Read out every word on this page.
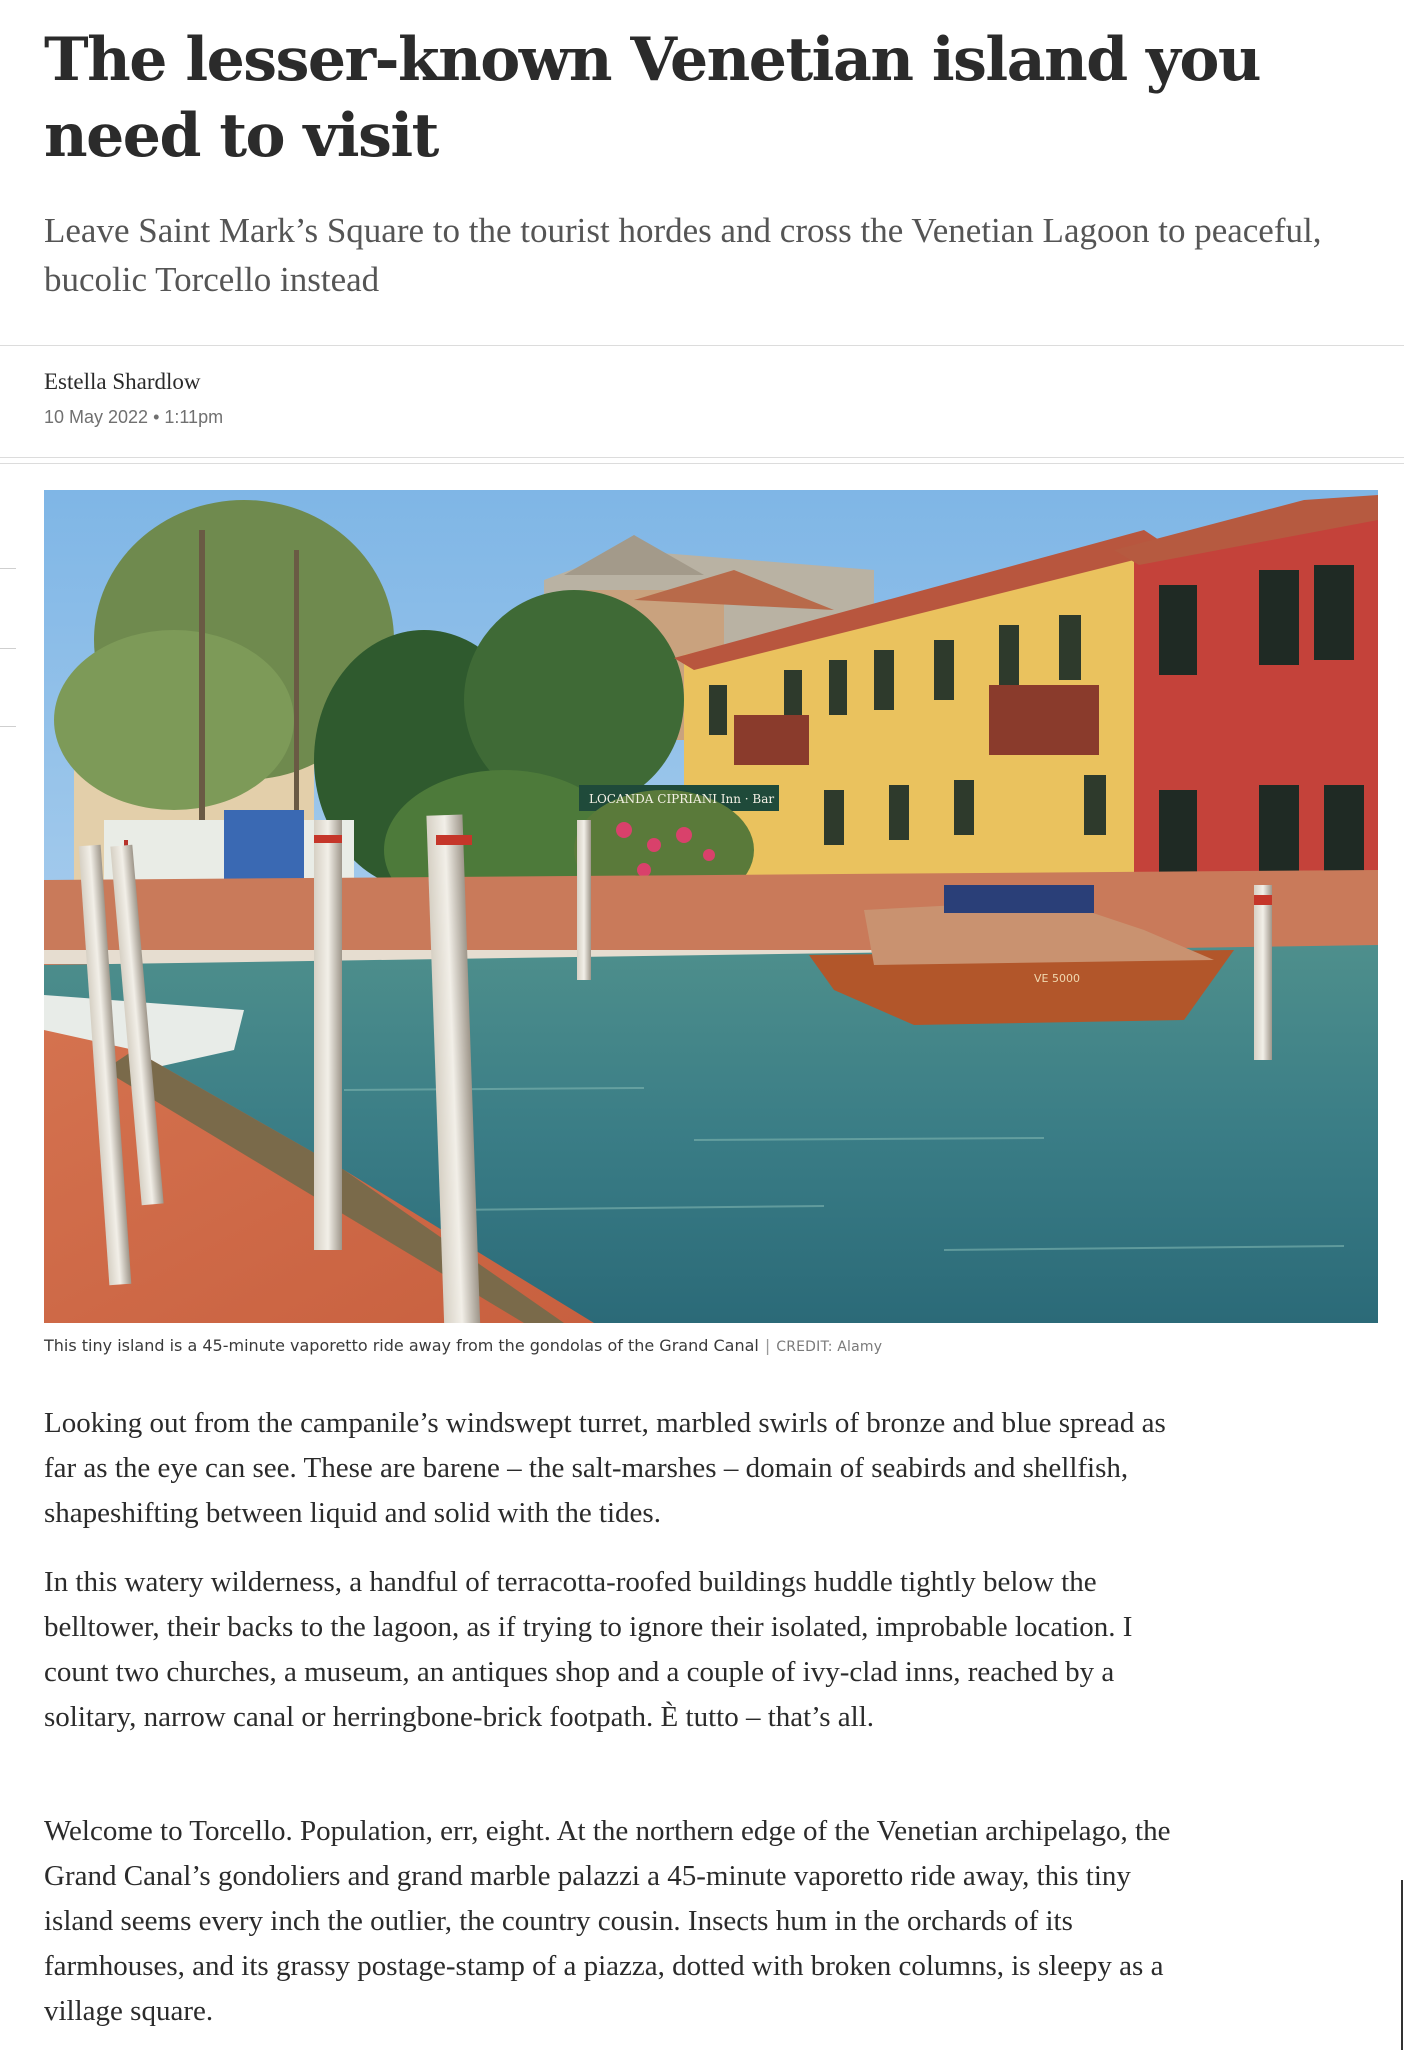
The lesser-known Venetian island you need to visit

Leave Saint Mark’s Square to the tourist hordes and cross the Venetian Lagoon to peaceful, bucolic Torcello instead

Estella Shardlow

10 May 2022 • 1:11pm

LOCANDA CIPRIANI Inn · Bar
VE 5000

This tiny island is a 45-minute vaporetto ride away from the gondolas of the Grand Canal | CREDIT: Alamy

Looking out from the campanile’s windswept turret, marbled swirls of bronze and blue spread as far as the eye can see. These are barene – the salt-marshes – domain of seabirds and shellfish, shapeshifting between liquid and solid with the tides.

In this watery wilderness, a handful of terracotta-roofed buildings huddle tightly below the belltower, their backs to the lagoon, as if trying to ignore their isolated, improbable location. I count two churches, a museum, an antiques shop and a couple of ivy-clad inns, reached by a solitary, narrow canal or herringbone-brick footpath. È tutto – that’s all.

Welcome to Torcello. Population, err, eight. At the northern edge of the Venetian archipelago, the Grand Canal’s gondoliers and grand marble palazzi a 45-minute vaporetto ride away, this tiny island seems every inch the outlier, the country cousin. Insects hum in the orchards of its farmhouses, and its grassy postage-stamp of a piazza, dotted with broken columns, is sleepy as a village square.
